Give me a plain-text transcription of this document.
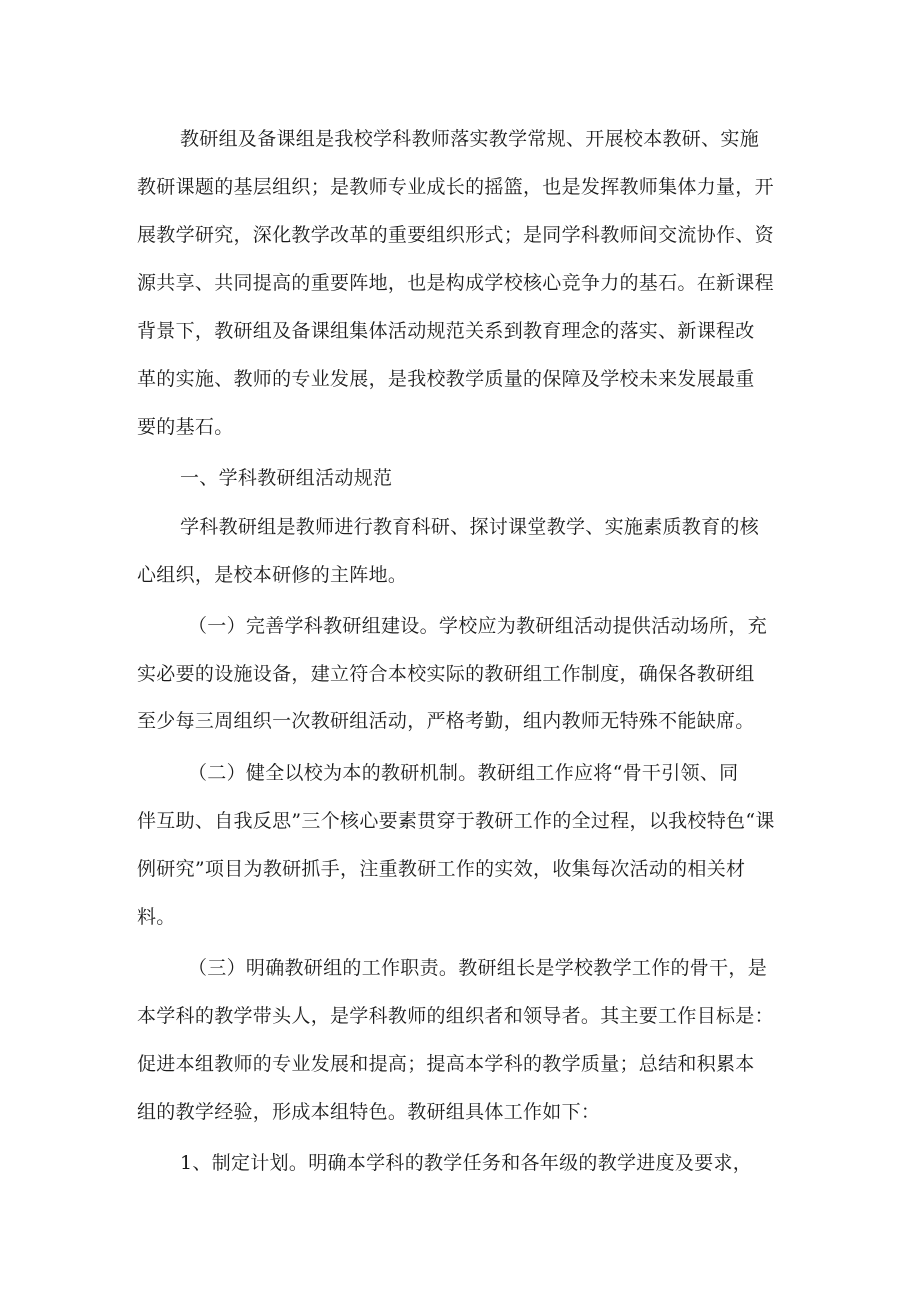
教研组及备课组是我校学科教师落实教学常规、开展校本教研、实施
教研课题的基层组织；是教师专业成长的摇篮，也是发挥教师集体力量，开
展教学研究，深化教学改革的重要组织形式；是同学科教师间交流协作、资
源共享、共同提高的重要阵地，也是构成学校核心竞争力的基石。在新课程
背景下，教研组及备课组集体活动规范关系到教育理念的落实、新课程改
革的实施、教师的专业发展，是我校教学质量的保障及学校未来发展最重
要的基石。
一、学科教研组活动规范
学科教研组是教师进行教育科研、探讨课堂教学、实施素质教育的核
心组织，是校本研修的主阵地。
（一）完善学科教研组建设。学校应为教研组活动提供活动场所，充
实必要的设施设备，建立符合本校实际的教研组工作制度，确保各教研组
至少每三周组织一次教研组活动，严格考勤，组内教师无特殊不能缺席。
（二）健全以校为本的教研机制。教研组工作应将“骨干引领、同
伴互助、自我反思”三个核心要素贯穿于教研工作的全过程，以我校特色“课
例研究”项目为教研抓手，注重教研工作的实效，收集每次活动的相关材
料。
（三）明确教研组的工作职责。教研组长是学校教学工作的骨干，是
本学科的教学带头人，是学科教师的组织者和领导者。其主要工作目标是：
促进本组教师的专业发展和提高；提高本学科的教学质量；总结和积累本
组的教学经验，形成本组特色。教研组具体工作如下：
1、制定计划。明确本学科的教学任务和各年级的教学进度及要求，
